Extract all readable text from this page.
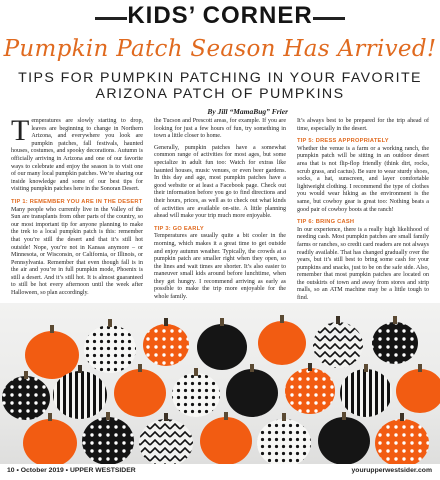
KIDS’ CORNER
Pumpkin Patch Season Has Arrived!
TIPS FOR PUMPKIN PATCHING IN YOUR FAVORITE
ARIZONA PATCH OF PUMPKINS
By Jill “MamaBug” Frier

Temperatures are slowly starting to drop, leaves are beginning to change in Northern Arizona, and everywhere you look are pumpkin patches, fall festivals, haunted houses, costumes, and spooky decorations. Autumn is officially arriving in Arizona and one of our favorite ways to celebrate and enjoy the season is to visit one of our many local pumpkin patches. We’re sharing our inside knowledge and some of our best tips for visiting pumpkin patches here in the Sonoran Desert.

TIP 1: REMEMBER YOU ARE IN THE DESERT

Many people who currently live in the Valley of the Sun are transplants from other parts of the country, so our most important tip for anyone planning to make the trek to a local pumpkin patch is this: remember that you’re still the desert and that it’s still hot outside! Nope, you’re not in Kansas anymore – or Minnesota, or Wisconsin, or California, or Illinois, or Pennsylvania. Remember that even though fall is in the air and you’re in full pumpkin mode, Phoenix is still a desert. And it’s still hot. It is almost guaranteed to still be hot every afternoon until the week after Halloween, so plan accordingly.

the Tucson and Prescott areas, for example. If you are looking for just a few hours of fun, try something in town a little closer to home.

Generally, pumpkin patches have a somewhat common range of activities for most ages, but some specialize in adult fun too: Watch for extras like haunted houses, music venues, or even beer gardens. In this day and age, most pumpkin patches have a good website or at least a Facebook page. Check out their information before you go to find directions and their hours, prices, as well as to check out what kinds of activities are available on-site. A little planning ahead will make your trip much more enjoyable.

TIP 3: GO EARLY

Temperatures are usually quite a bit cooler in the morning, which makes it a great time to get outside and enjoy autumn weather. Typically, the crowds at a pumpkin patch are smaller right when they open, so the lines and wait times are shorter. It’s also easier to maneuver small kids around before lunchtime, when they get hungry. I recommend arriving as early as possible to make the trip more enjoyable for the whole family.

It’s always best to be prepared for the trip ahead of time, especially in the desert.

TIP 5: DRESS APPROPRIATELY

Whether the venue is a farm or a working ranch, the pumpkin patch will be sitting in an outdoor desert area that is not flip-flop friendly (think dirt, rocks, scrub grass, and cactus). Be sure to wear sturdy shoes, socks, a hat, sunscreen, and layer comfortable lightweight clothing. I recommend the type of clothes you would wear hiking as the environment is the same, but cowboy gear is great too: Nothing beats a good pair of cowboy boots at the ranch!

TIP 6: BRING CASH

In our experience, there is a really high likelihood of needing cash. Most pumpkin patches are small family farms or ranches, so credit card readers are not always readily available. That has changed gradually over the years, but it’s still best to bring some cash for your pumpkins and snacks, just to be on the safe side. Also, remember that most pumpkin patches are located on the outskirts of town and away from stores and strip malls, so an ATM machine may be a little tough to find.

10 • October 2019 • UPPER WESTSIDER	yourupperwestsider.com
